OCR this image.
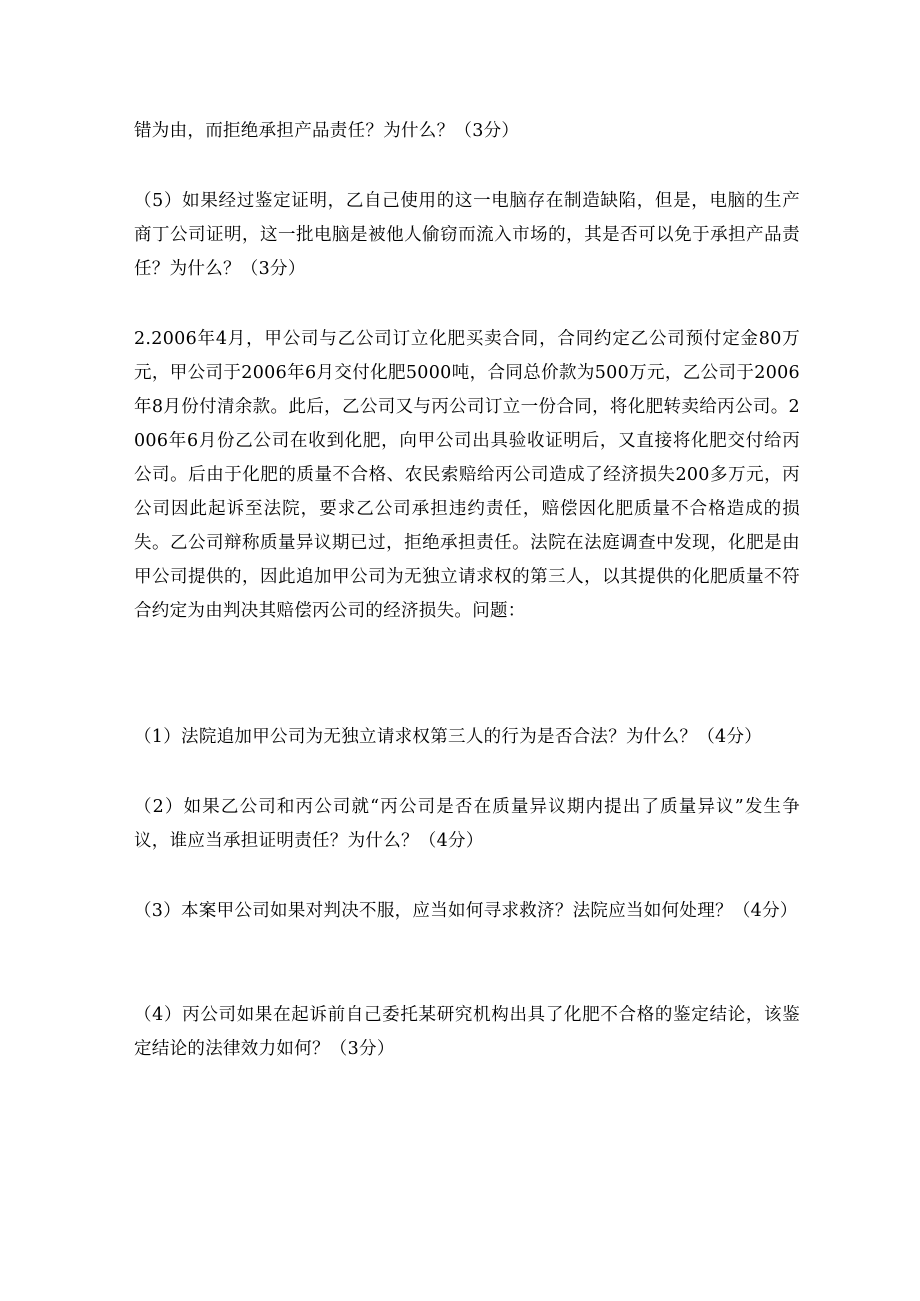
错为由，而拒绝承担产品责任？为什么？（3分）

（5）如果经过鉴定证明，乙自己使用的这一电脑存在制造缺陷，但是，电脑的生产商丁公司证明，这一批电脑是被他人偷窃而流入市场的，其是否可以免于承担产品责任？为什么？（3分）

2.2006年4月，甲公司与乙公司订立化肥买卖合同，合同约定乙公司预付定金80万元，甲公司于2006年6月交付化肥5000吨，合同总价款为500万元，乙公司于2006年8月份付清余款。此后，乙公司又与丙公司订立一份合同，将化肥转卖给丙公司。2006年6月份乙公司在收到化肥，向甲公司出具验收证明后，又直接将化肥交付给丙公司。后由于化肥的质量不合格、农民索赔给丙公司造成了经济损失200多万元，丙公司因此起诉至法院，要求乙公司承担违约责任，赔偿因化肥质量不合格造成的损失。乙公司辩称质量异议期已过，拒绝承担责任。法院在法庭调查中发现，化肥是由甲公司提供的，因此追加甲公司为无独立请求权的第三人，以其提供的化肥质量不符合约定为由判决其赔偿丙公司的经济损失。问题：

（1）法院追加甲公司为无独立请求权第三人的行为是否合法？为什么？（4分）

（2）如果乙公司和丙公司就“丙公司是否在质量异议期内提出了质量异议”发生争议，谁应当承担证明责任？为什么？（4分）

（3）本案甲公司如果对判决不服，应当如何寻求救济？法院应当如何处理？（4分）

（4）丙公司如果在起诉前自己委托某研究机构出具了化肥不合格的鉴定结论，该鉴定结论的法律效力如何？（3分）
